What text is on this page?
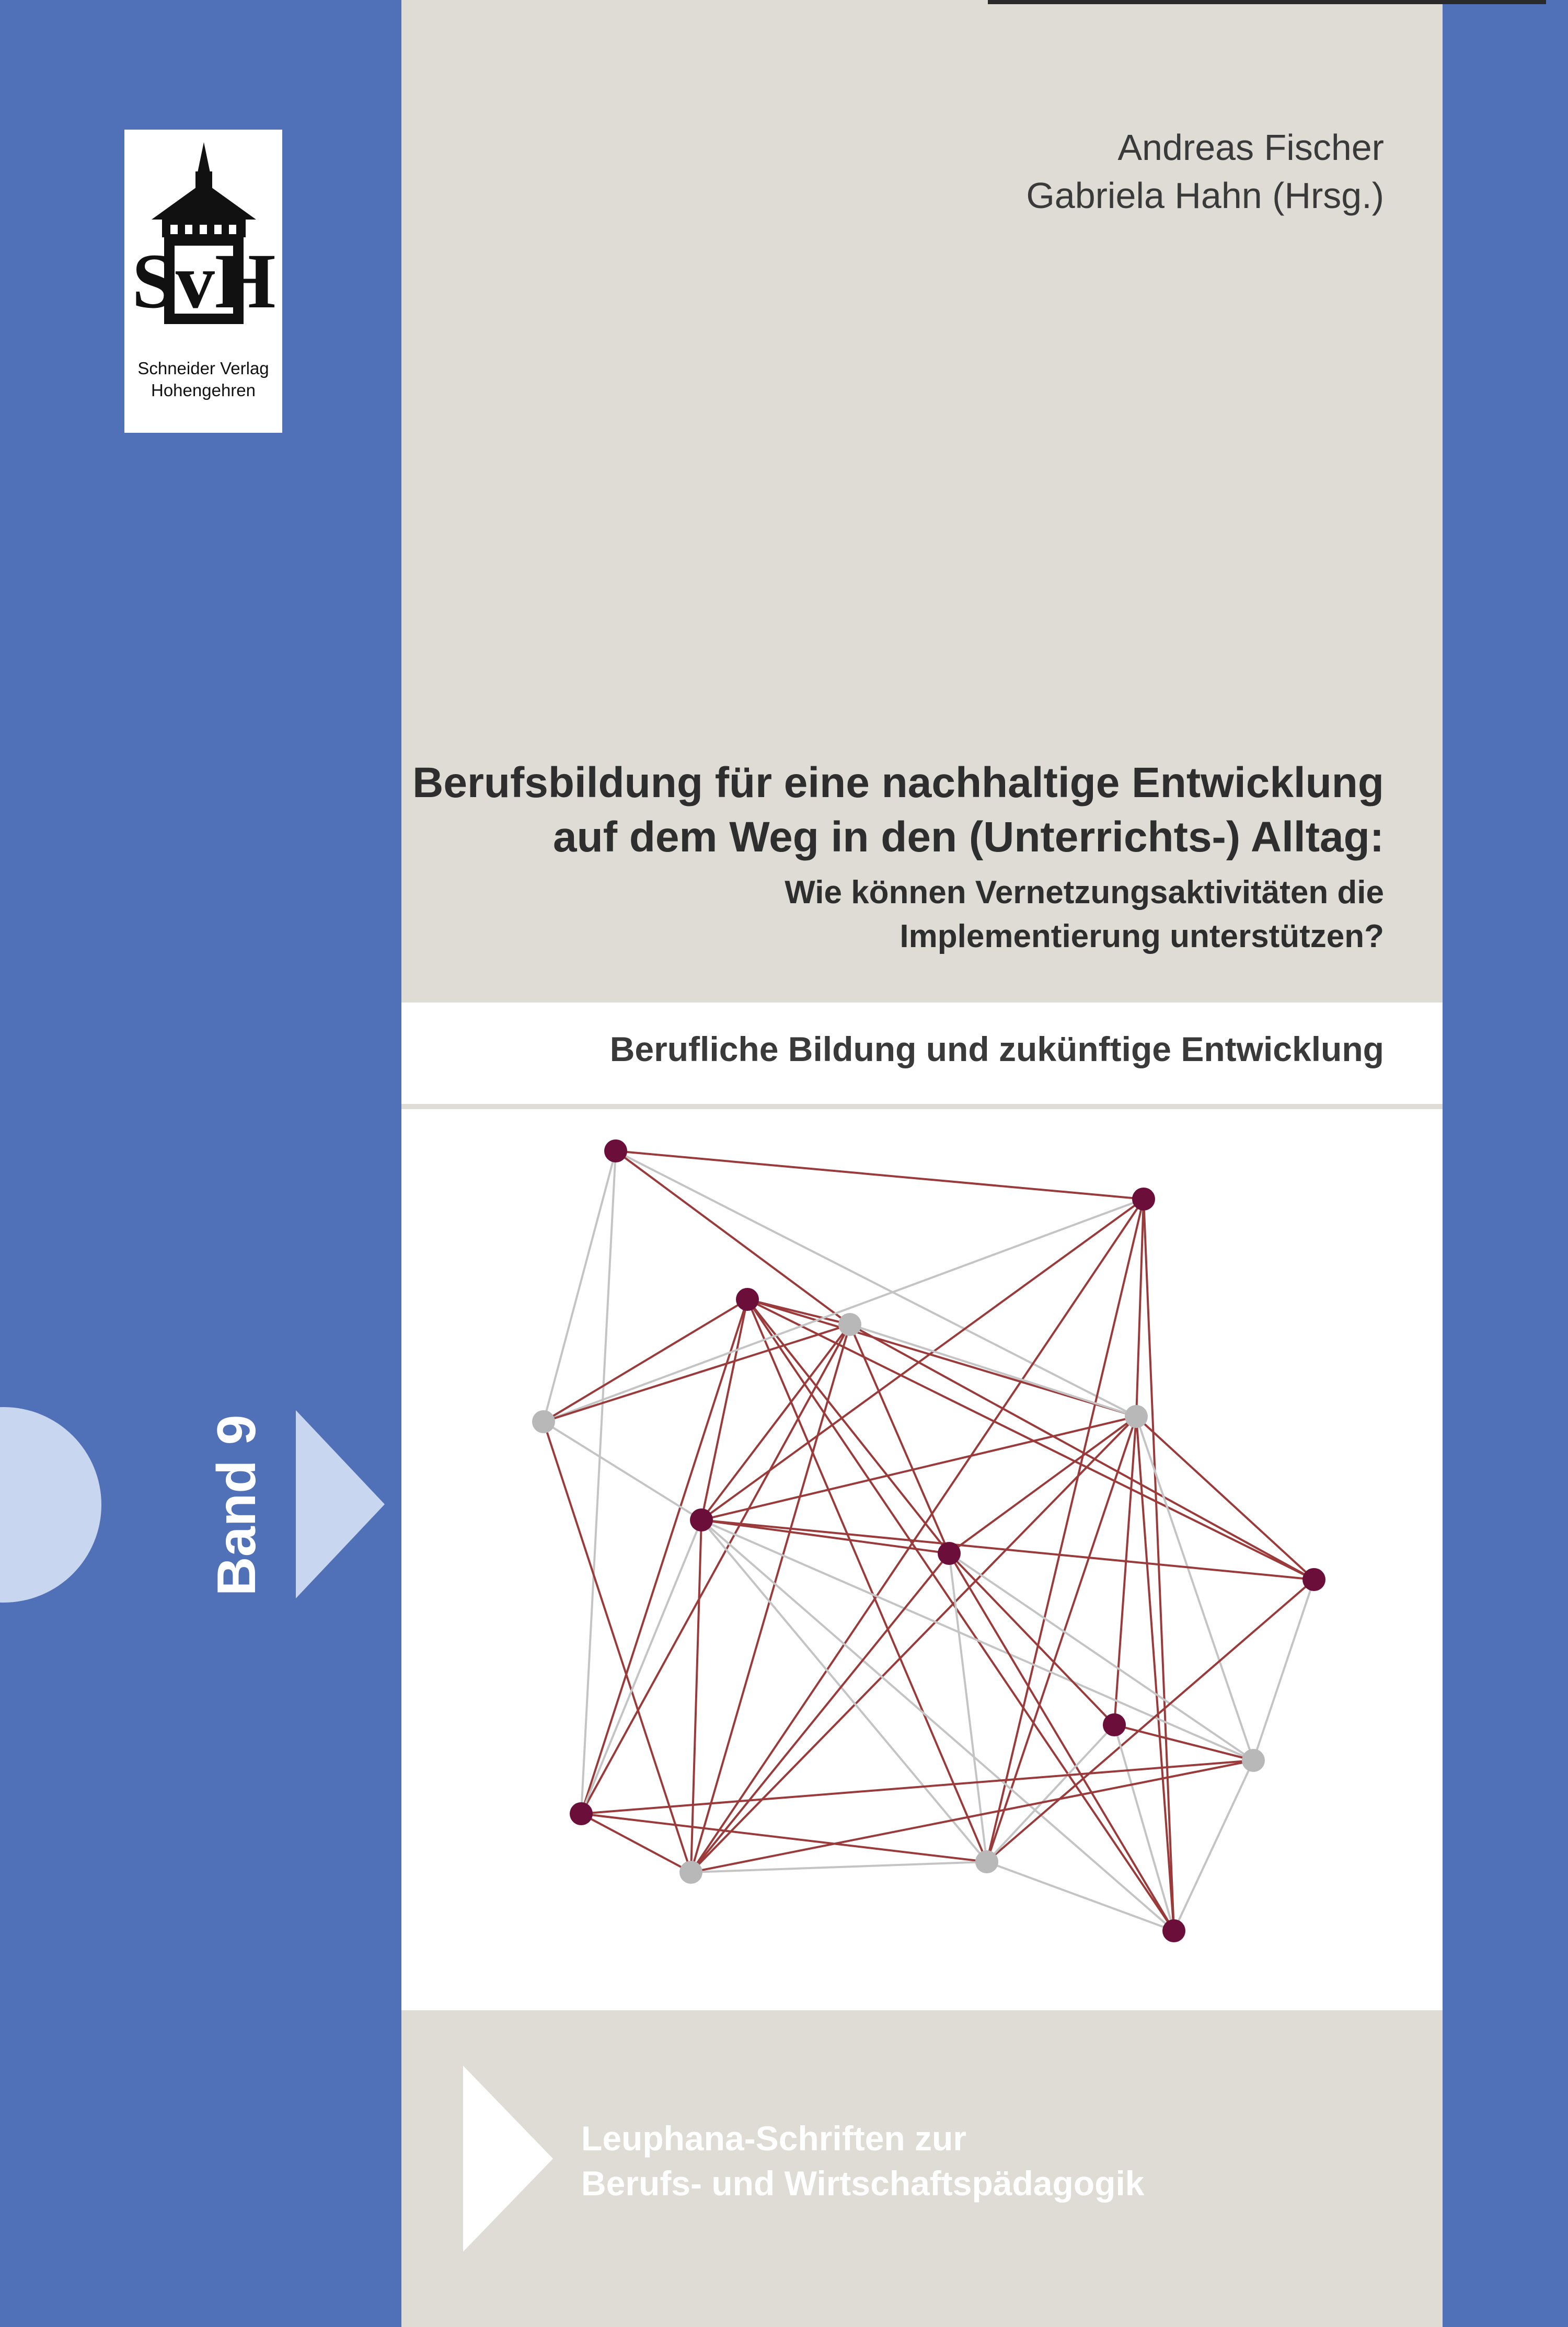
SvH
Schneider Verlag
Hohengehren
Andreas Fischer
Gabriela Hahn (Hrsg.)
Berufsbildung für eine nachhaltige Entwicklung
auf dem Weg in den (Unterrichts-) Alltag:
Wie können Vernetzungsaktivitäten die
Implementierung unterstützen?
Berufliche Bildung und zukünftige Entwicklung
Band 9
Leuphana-Schriften zur
Berufs- und Wirtschaftspädagogik
